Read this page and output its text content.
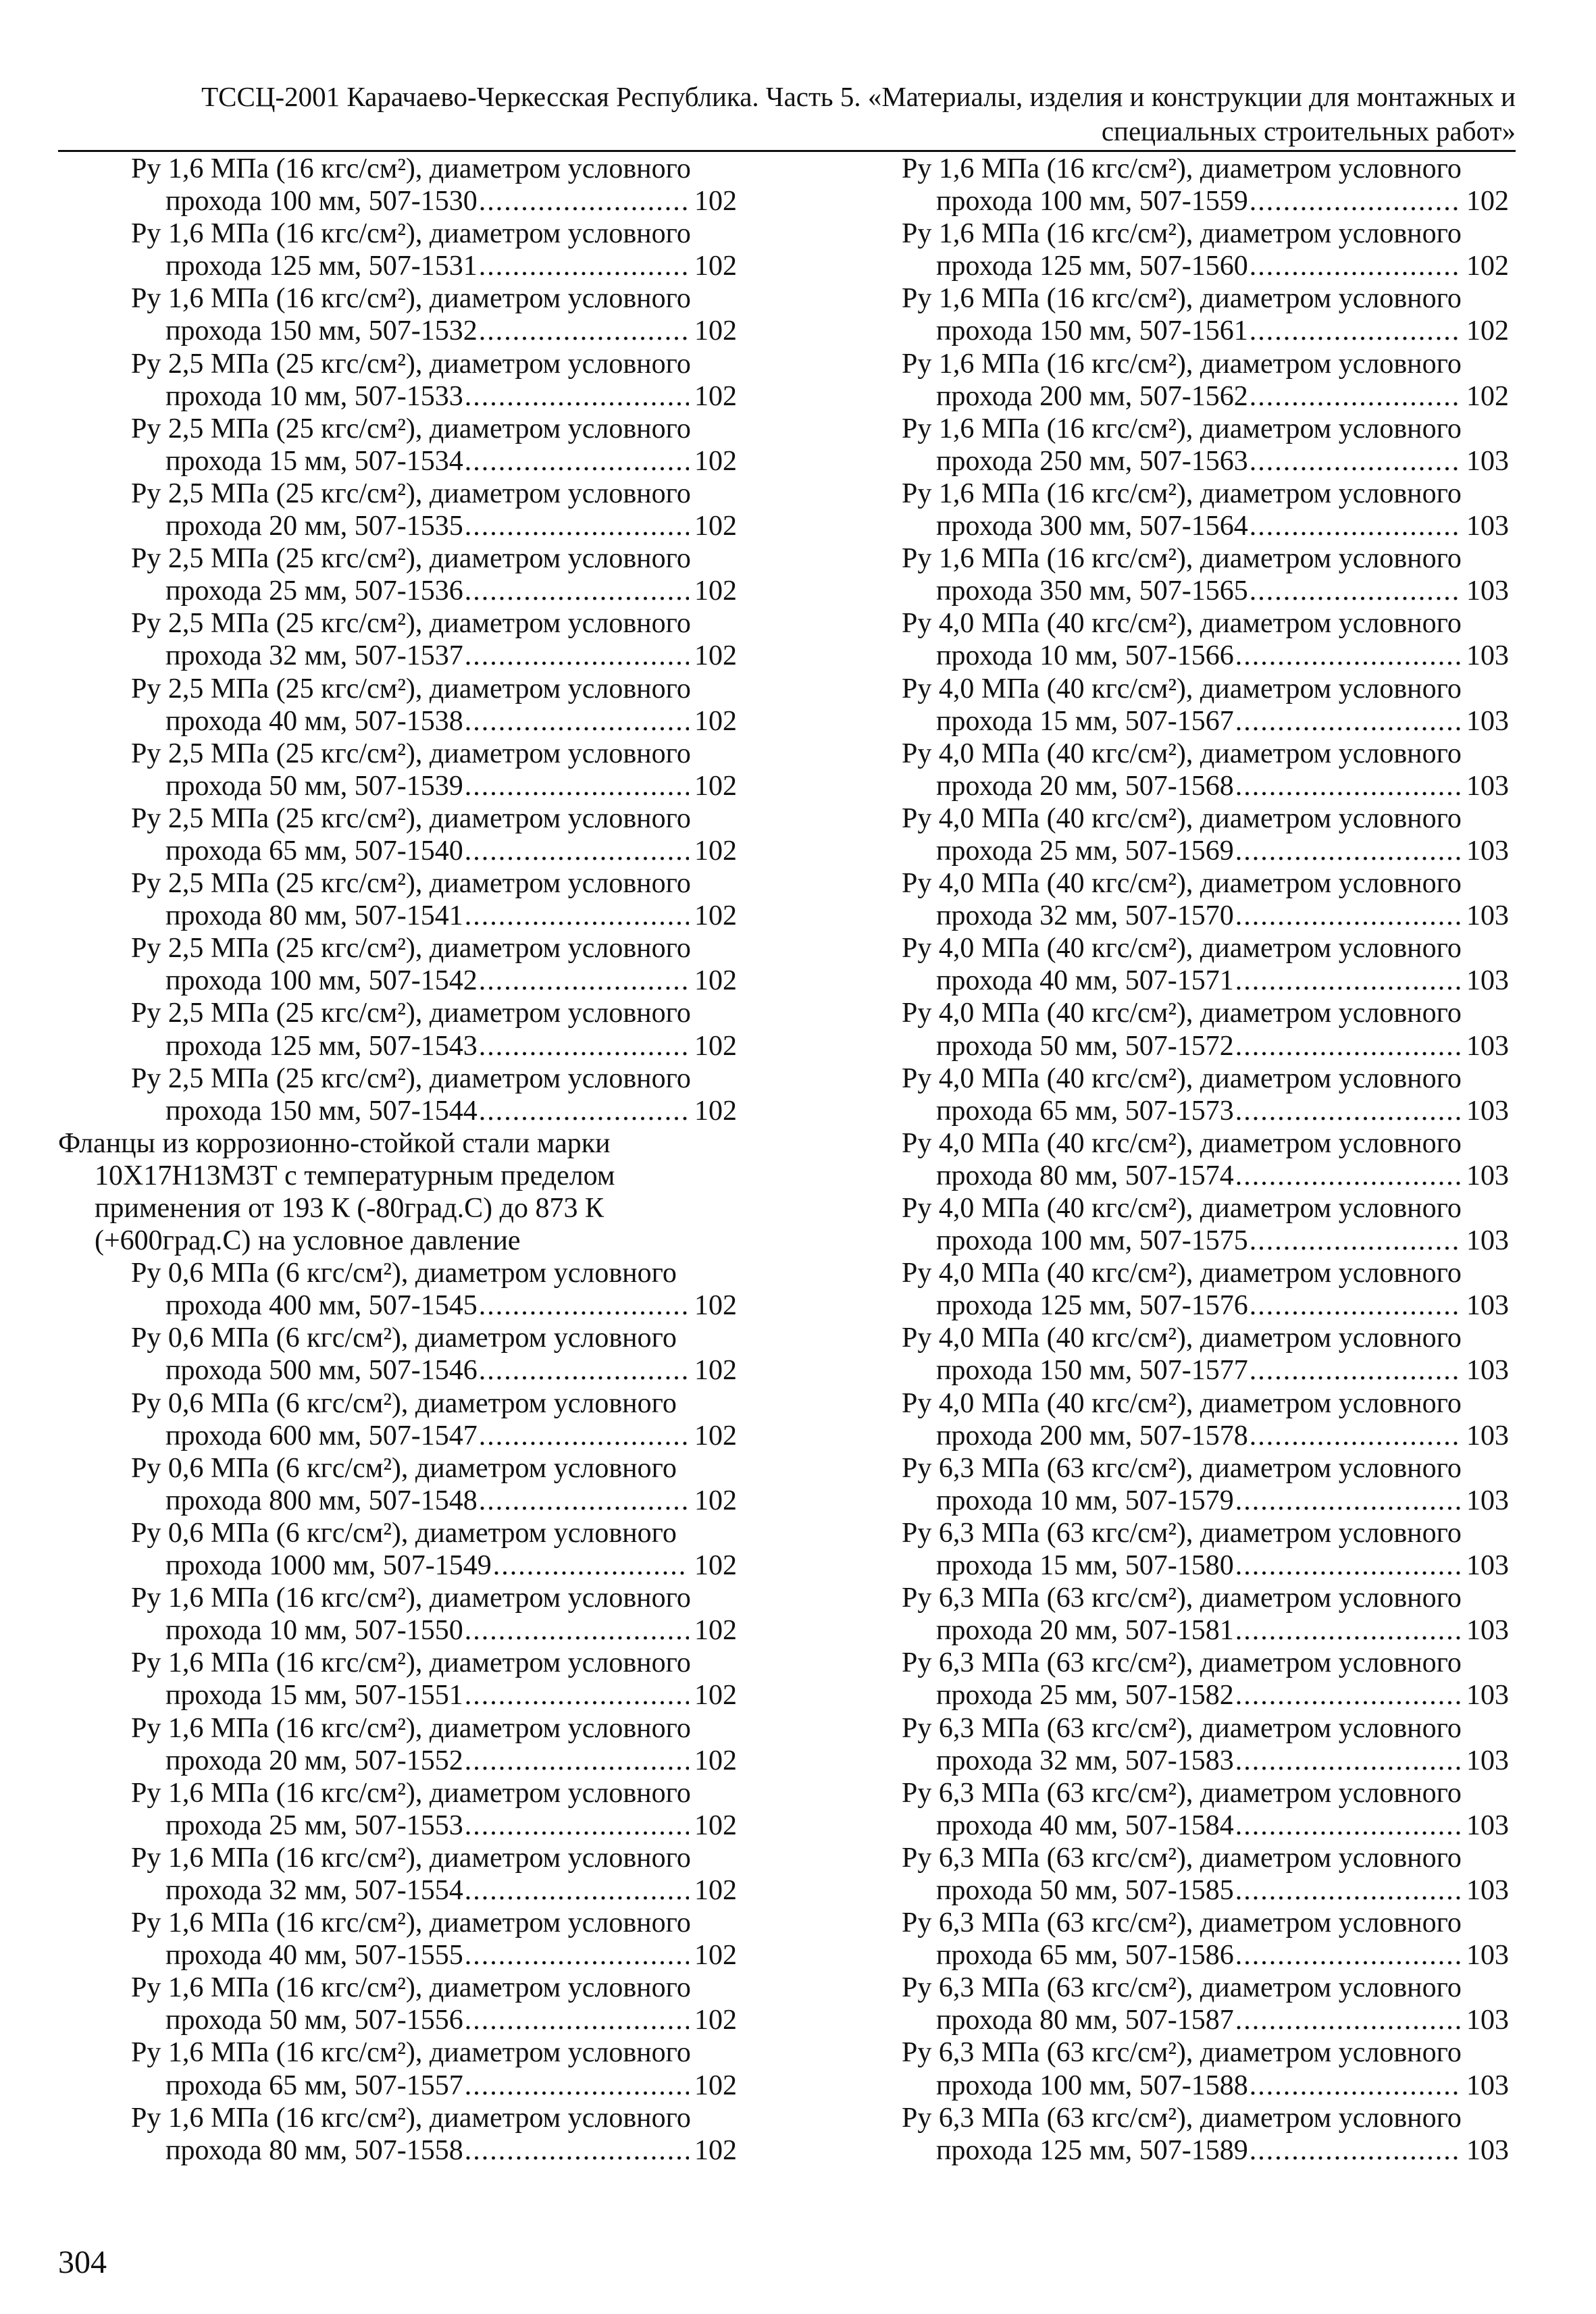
ТССЦ-2001 Карачаево-Черкесская Республика. Часть 5. «Материалы, изделия и конструкции для монтажных и
специальных строительных работ»
Ру 1,6 МПа (16 кгс/см²), диаметром условного
прохода 100 мм, 507-1530 .....	102
Ру 1,6 МПа (16 кгс/см²), диаметром условного
прохода 125 мм, 507-1531 .....	102
Ру 1,6 МПа (16 кгс/см²), диаметром условного
прохода 150 мм, 507-1532 .....	102
Ру 2,5 МПа (25 кгс/см²), диаметром условного
прохода 10 мм, 507-1533 .....	102
Ру 2,5 МПа (25 кгс/см²), диаметром условного
прохода 15 мм, 507-1534 .....	102
Ру 2,5 МПа (25 кгс/см²), диаметром условного
прохода 20 мм, 507-1535 .....	102
Ру 2,5 МПа (25 кгс/см²), диаметром условного
прохода 25 мм, 507-1536 .....	102
Ру 2,5 МПа (25 кгс/см²), диаметром условного
прохода 32 мм, 507-1537 .....	102
Ру 2,5 МПа (25 кгс/см²), диаметром условного
прохода 40 мм, 507-1538 .....	102
Ру 2,5 МПа (25 кгс/см²), диаметром условного
прохода 50 мм, 507-1539 .....	102
Ру 2,5 МПа (25 кгс/см²), диаметром условного
прохода 65 мм, 507-1540 .....	102
Ру 2,5 МПа (25 кгс/см²), диаметром условного
прохода 80 мм, 507-1541 .....	102
Ру 2,5 МПа (25 кгс/см²), диаметром условного
прохода 100 мм, 507-1542 .....	102
Ру 2,5 МПа (25 кгс/см²), диаметром условного
прохода 125 мм, 507-1543 .....	102
Ру 2,5 МПа (25 кгс/см²), диаметром условного
прохода 150 мм, 507-1544 .....	102
Фланцы из коррозионно-стойкой стали марки
10Х17Н13М3Т с температурным пределом
применения от 193 К (-80град.С) до 873 К
(+600град.С) на условное давление
Ру 0,6 МПа (6 кгс/см²), диаметром условного
прохода 400 мм, 507-1545 .....	102
Ру 0,6 МПа (6 кгс/см²), диаметром условного
прохода 500 мм, 507-1546 .....	102
Ру 0,6 МПа (6 кгс/см²), диаметром условного
прохода 600 мм, 507-1547 .....	102
Ру 0,6 МПа (6 кгс/см²), диаметром условного
прохода 800 мм, 507-1548 .....	102
Ру 0,6 МПа (6 кгс/см²), диаметром условного
прохода 1000 мм, 507-1549 .....	102
Ру 1,6 МПа (16 кгс/см²), диаметром условного
прохода 10 мм, 507-1550 .....	102
Ру 1,6 МПа (16 кгс/см²), диаметром условного
прохода 15 мм, 507-1551 .....	102
Ру 1,6 МПа (16 кгс/см²), диаметром условного
прохода 20 мм, 507-1552 .....	102
Ру 1,6 МПа (16 кгс/см²), диаметром условного
прохода 25 мм, 507-1553 .....	102
Ру 1,6 МПа (16 кгс/см²), диаметром условного
прохода 32 мм, 507-1554 .....	102
Ру 1,6 МПа (16 кгс/см²), диаметром условного
прохода 40 мм, 507-1555 .....	102
Ру 1,6 МПа (16 кгс/см²), диаметром условного
прохода 50 мм, 507-1556 .....	102
Ру 1,6 МПа (16 кгс/см²), диаметром условного
прохода 65 мм, 507-1557 .....	102
Ру 1,6 МПа (16 кгс/см²), диаметром условного
прохода 80 мм, 507-1558 .....	102
Ру 1,6 МПа (16 кгс/см²), диаметром условного
прохода 100 мм, 507-1559 .....	102
Ру 1,6 МПа (16 кгс/см²), диаметром условного
прохода 125 мм, 507-1560 .....	102
Ру 1,6 МПа (16 кгс/см²), диаметром условного
прохода 150 мм, 507-1561 .....	102
Ру 1,6 МПа (16 кгс/см²), диаметром условного
прохода 200 мм, 507-1562 .....	102
Ру 1,6 МПа (16 кгс/см²), диаметром условного
прохода 250 мм, 507-1563 .....	103
Ру 1,6 МПа (16 кгс/см²), диаметром условного
прохода 300 мм, 507-1564 .....	103
Ру 1,6 МПа (16 кгс/см²), диаметром условного
прохода 350 мм, 507-1565 .....	103
Ру 4,0 МПа (40 кгс/см²), диаметром условного
прохода 10 мм, 507-1566 .....	103
Ру 4,0 МПа (40 кгс/см²), диаметром условного
прохода 15 мм, 507-1567 .....	103
Ру 4,0 МПа (40 кгс/см²), диаметром условного
прохода 20 мм, 507-1568 .....	103
Ру 4,0 МПа (40 кгс/см²), диаметром условного
прохода 25 мм, 507-1569 .....	103
Ру 4,0 МПа (40 кгс/см²), диаметром условного
прохода 32 мм, 507-1570 .....	103
Ру 4,0 МПа (40 кгс/см²), диаметром условного
прохода 40 мм, 507-1571 .....	103
Ру 4,0 МПа (40 кгс/см²), диаметром условного
прохода 50 мм, 507-1572 .....	103
Ру 4,0 МПа (40 кгс/см²), диаметром условного
прохода 65 мм, 507-1573 .....	103
Ру 4,0 МПа (40 кгс/см²), диаметром условного
прохода 80 мм, 507-1574 .....	103
Ру 4,0 МПа (40 кгс/см²), диаметром условного
прохода 100 мм, 507-1575 .....	103
Ру 4,0 МПа (40 кгс/см²), диаметром условного
прохода 125 мм, 507-1576 .....	103
Ру 4,0 МПа (40 кгс/см²), диаметром условного
прохода 150 мм, 507-1577 .....	103
Ру 4,0 МПа (40 кгс/см²), диаметром условного
прохода 200 мм, 507-1578 .....	103
Ру 6,3 МПа (63 кгс/см²), диаметром условного
прохода 10 мм, 507-1579 .....	103
Ру 6,3 МПа (63 кгс/см²), диаметром условного
прохода 15 мм, 507-1580 .....	103
Ру 6,3 МПа (63 кгс/см²), диаметром условного
прохода 20 мм, 507-1581 .....	103
Ру 6,3 МПа (63 кгс/см²), диаметром условного
прохода 25 мм, 507-1582 .....	103
Ру 6,3 МПа (63 кгс/см²), диаметром условного
прохода 32 мм, 507-1583 .....	103
Ру 6,3 МПа (63 кгс/см²), диаметром условного
прохода 40 мм, 507-1584 .....	103
Ру 6,3 МПа (63 кгс/см²), диаметром условного
прохода 50 мм, 507-1585 .....	103
Ру 6,3 МПа (63 кгс/см²), диаметром условного
прохода 65 мм, 507-1586 .....	103
Ру 6,3 МПа (63 кгс/см²), диаметром условного
прохода 80 мм, 507-1587 .....	103
Ру 6,3 МПа (63 кгс/см²), диаметром условного
прохода 100 мм, 507-1588 .....	103
Ру 6,3 МПа (63 кгс/см²), диаметром условного
прохода 125 мм, 507-1589 .....	103
304
